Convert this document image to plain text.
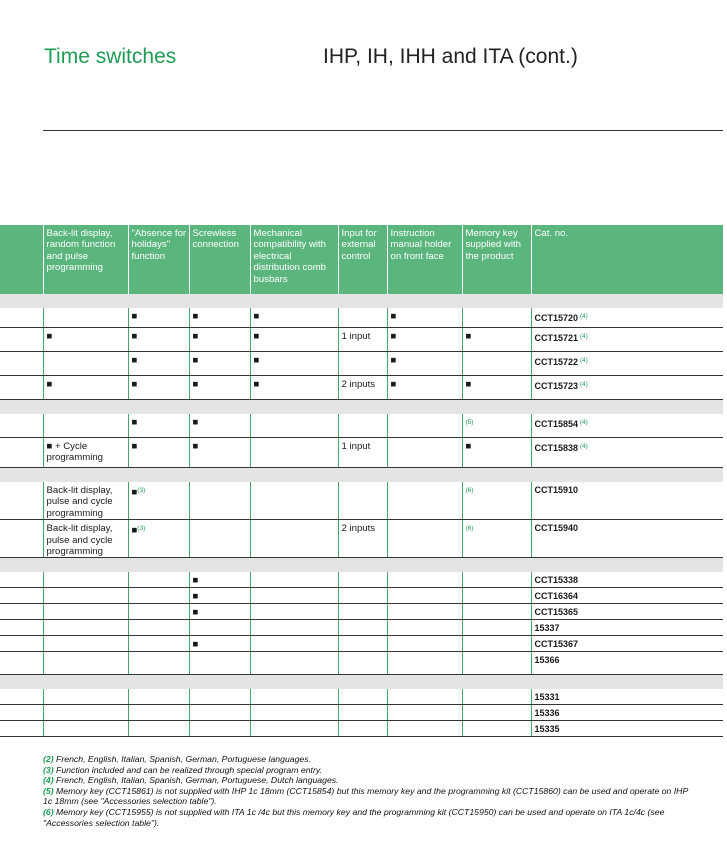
Time switches	IHP, IH, IHH and ITA (cont.)
	Back-lit display, random function and pulse programming	"Absence for holidays" function	Screwless connection	Mechanical compatibility with electrical distribution comb busbars	Input for external control	Instruction manual holder on front face	Memory key supplied with the product	Cat. no.

		■	■	■		■		CCT15720 $^{(4)}$
	■	■	■	■	1 input	■	■	CCT15721 $^{(4)}$
		■	■	■		■		CCT15722 $^{(4)}$
	■	■	■	■	2 inputs	■	■	CCT15723 $^{(4)}$

		■	■				$^{(5)}$	CCT15854 $^{(4)}$
	■ + Cycle programming	■	■		1 input		■	CCT15838 $^{(4)}$

	Back-lit display, pulse and cycle programming	■$^{(3)}$					$^{(6)}$	CCT15910
	Back-lit display, pulse and cycle programming	■$^{(3)}$			2 inputs		$^{(6)}$	CCT15940

			■					CCT15338
			■					CCT16364
			■					CCT15365
								15337
			■					CCT15367
								15366

								15331
								15336
								15335
(2) French, English, Italian, Spanish, German, Portuguese languages.
(3) Function included and can be realized through special program entry.
(4) French, English, Italian, Spanish, German, Portuguese, Dutch languages.
(5) Memory key (CCT15861) is not supplied with IHP 1c 18mm (CCT15854) but this memory key and the programming kit (CCT15860) can be used and operate on IHP 1c 18mm (see "Accessories selection table").
(6) Memory key (CCT15955) is not supplied with ITA 1c /4c but this memory key and the programming kit (CCT15950) can be used and operate on ITA 1c/4c (see "Accessories selection table").
